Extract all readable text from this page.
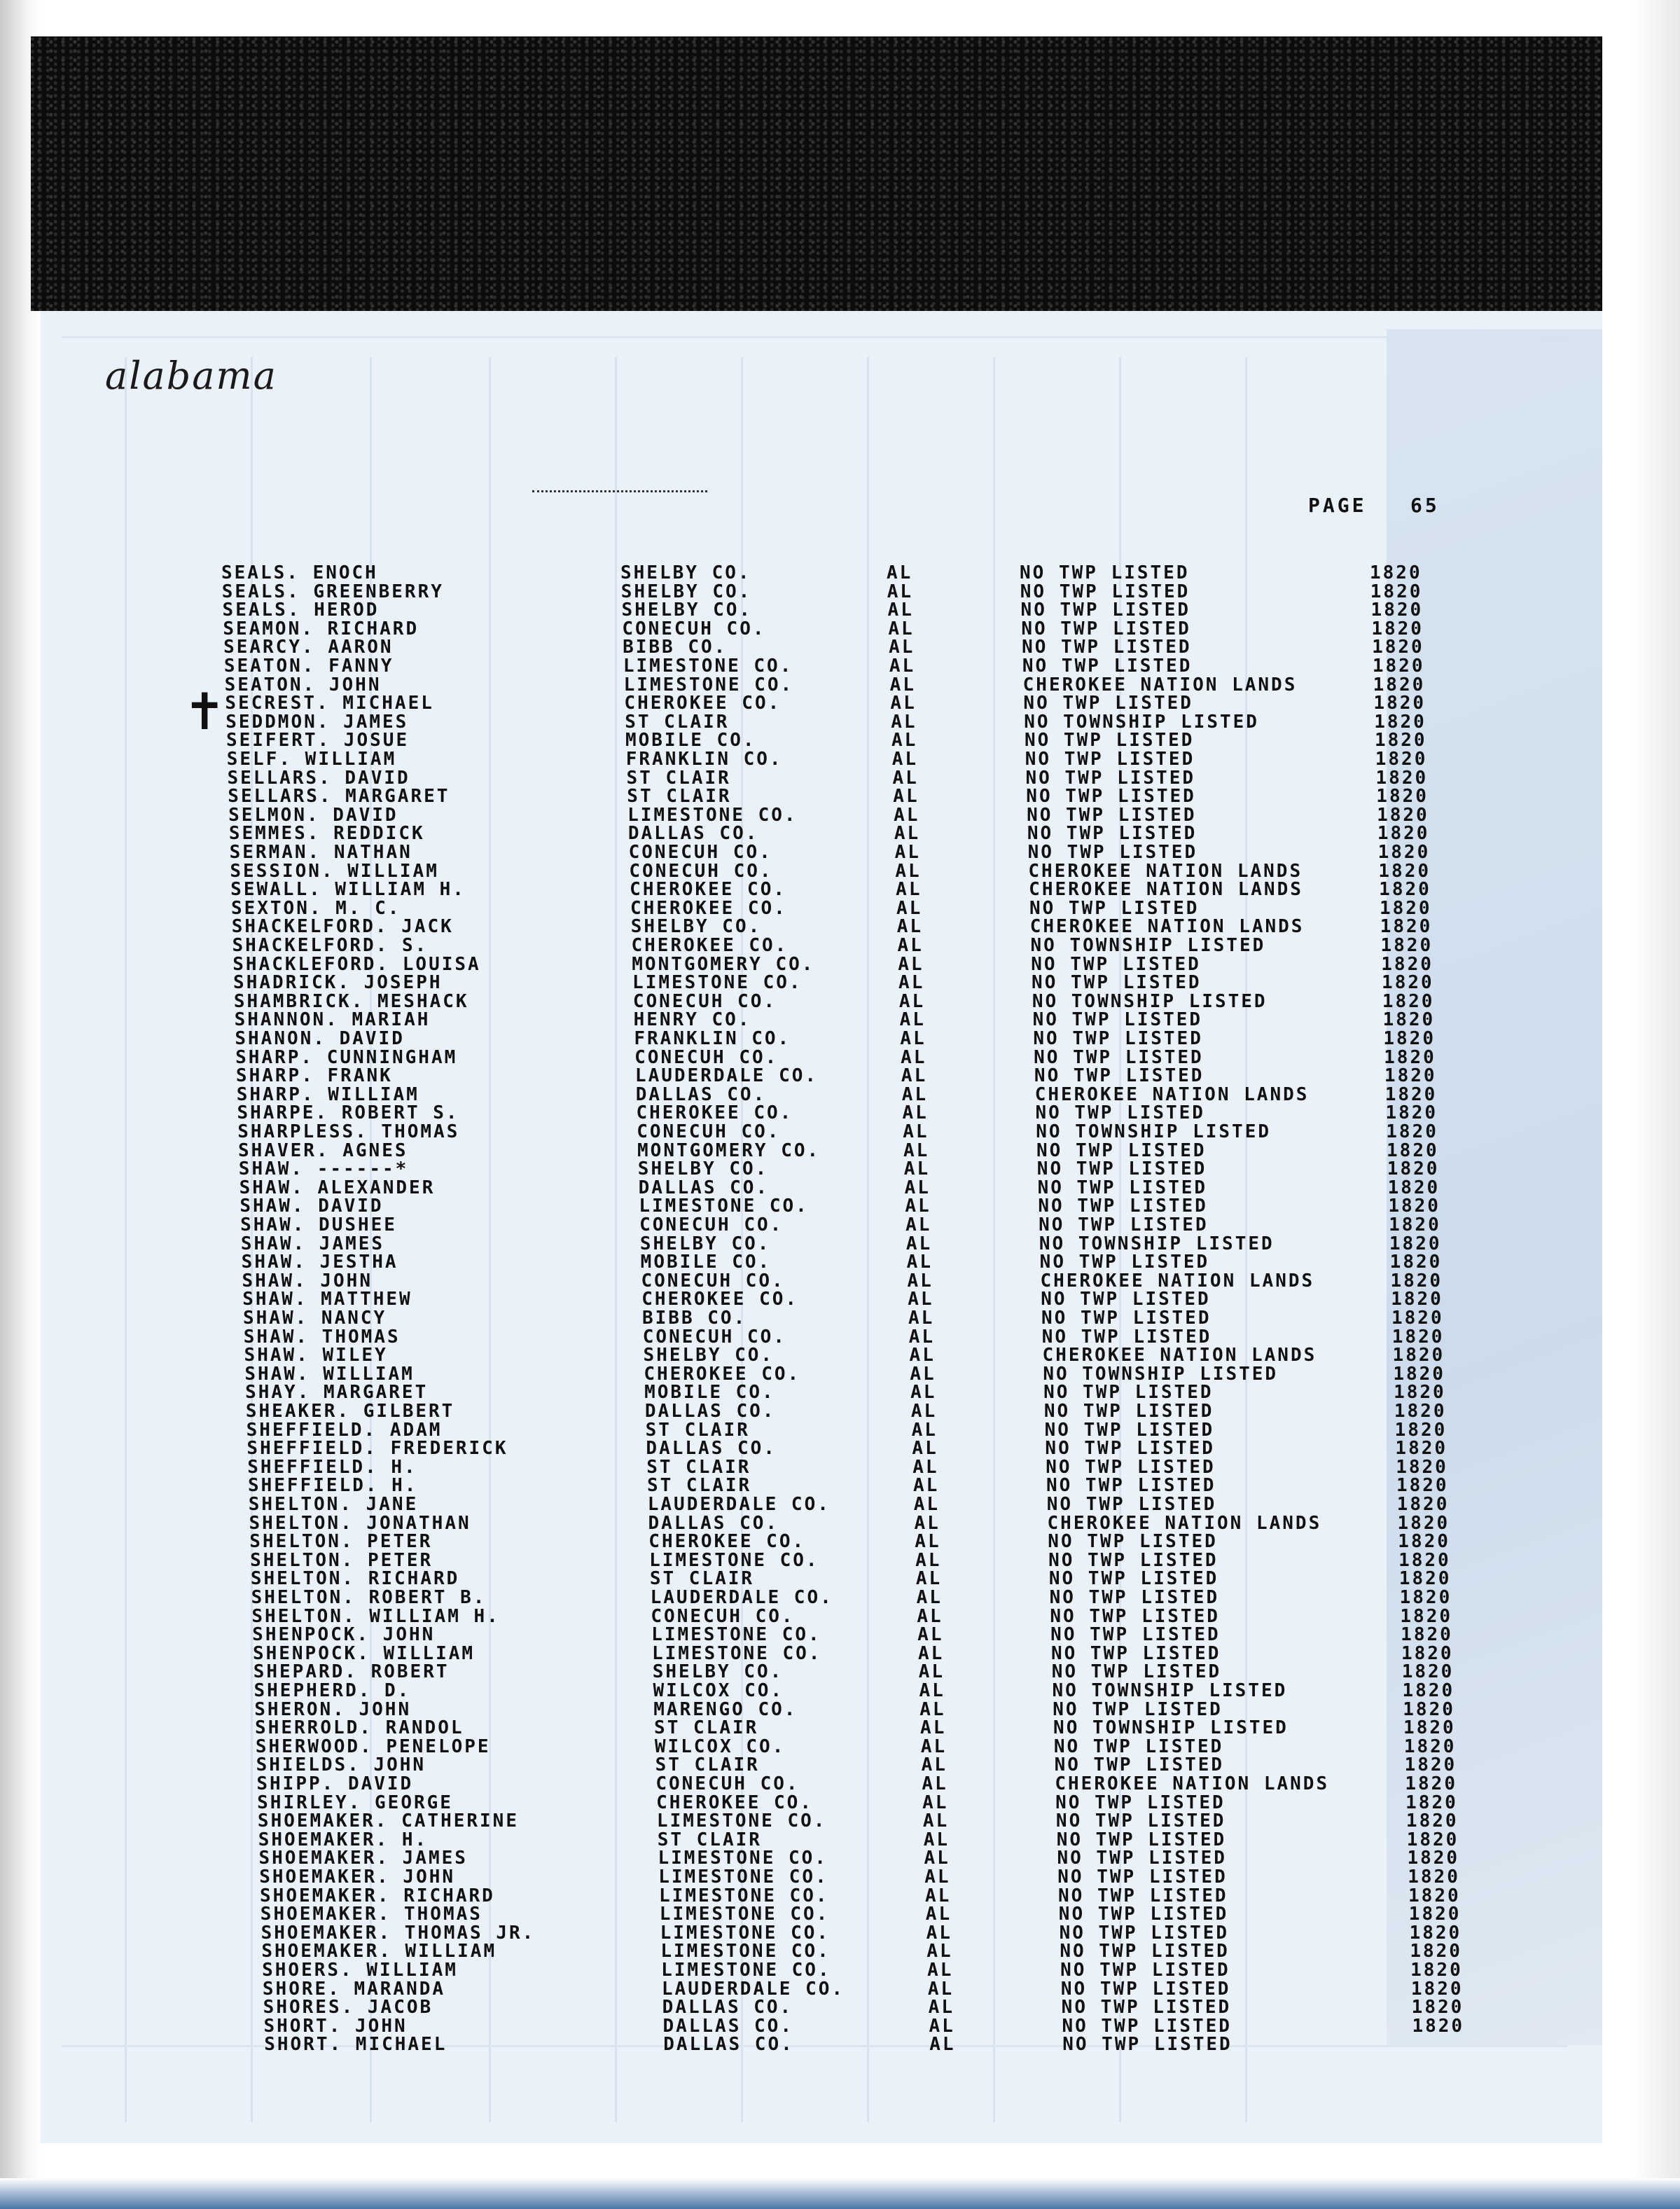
alabama
PAGE 65
✝
SEALS. ENOCH	SHELBY CO.	AL	NO TWP LISTED	1820
SEALS. GREENBERRY	SHELBY CO.	AL	NO TWP LISTED	1820
SEALS. HEROD	SHELBY CO.	AL	NO TWP LISTED	1820
SEAMON. RICHARD	CONECUH CO.	AL	NO TWP LISTED	1820
SEARCY. AARON	BIBB CO.	AL	NO TWP LISTED	1820
SEATON. FANNY	LIMESTONE CO.	AL	NO TWP LISTED	1820
SEATON. JOHN	LIMESTONE CO.	AL	CHEROKEE NATION LANDS	1820
SECREST. MICHAEL	CHEROKEE CO.	AL	NO TWP LISTED	1820
SEDDMON. JAMES	ST CLAIR	AL	NO TOWNSHIP LISTED	1820
SEIFERT. JOSUE	MOBILE CO.	AL	NO TWP LISTED	1820
SELF. WILLIAM	FRANKLIN CO.	AL	NO TWP LISTED	1820
SELLARS. DAVID	ST CLAIR	AL	NO TWP LISTED	1820
SELLARS. MARGARET	ST CLAIR	AL	NO TWP LISTED	1820
SELMON. DAVID	LIMESTONE CO.	AL	NO TWP LISTED	1820
SEMMES. REDDICK	DALLAS CO.	AL	NO TWP LISTED	1820
SERMAN. NATHAN	CONECUH CO.	AL	NO TWP LISTED	1820
SESSION. WILLIAM	CONECUH CO.	AL	CHEROKEE NATION LANDS	1820
SEWALL. WILLIAM H.	CHEROKEE CO.	AL	CHEROKEE NATION LANDS	1820
SEXTON. M. C.	CHEROKEE CO.	AL	NO TWP LISTED	1820
SHACKELFORD. JACK	SHELBY CO.	AL	CHEROKEE NATION LANDS	1820
SHACKELFORD. S.	CHEROKEE CO.	AL	NO TOWNSHIP LISTED	1820
SHACKLEFORD. LOUISA	MONTGOMERY CO.	AL	NO TWP LISTED	1820
SHADRICK. JOSEPH	LIMESTONE CO.	AL	NO TWP LISTED	1820
SHAMBRICK. MESHACK	CONECUH CO.	AL	NO TOWNSHIP LISTED	1820
SHANNON. MARIAH	HENRY CO.	AL	NO TWP LISTED	1820
SHANON. DAVID	FRANKLIN CO.	AL	NO TWP LISTED	1820
SHARP. CUNNINGHAM	CONECUH CO.	AL	NO TWP LISTED	1820
SHARP. FRANK	LAUDERDALE CO.	AL	NO TWP LISTED	1820
SHARP. WILLIAM	DALLAS CO.	AL	CHEROKEE NATION LANDS	1820
SHARPE. ROBERT S.	CHEROKEE CO.	AL	NO TWP LISTED	1820
SHARPLESS. THOMAS	CONECUH CO.	AL	NO TOWNSHIP LISTED	1820
SHAVER. AGNES	MONTGOMERY CO.	AL	NO TWP LISTED	1820
SHAW. ------*	SHELBY CO.	AL	NO TWP LISTED	1820
SHAW. ALEXANDER	DALLAS CO.	AL	NO TWP LISTED	1820
SHAW. DAVID	LIMESTONE CO.	AL	NO TWP LISTED	1820
SHAW. DUSHEE	CONECUH CO.	AL	NO TWP LISTED	1820
SHAW. JAMES	SHELBY CO.	AL	NO TOWNSHIP LISTED	1820
SHAW. JESTHA	MOBILE CO.	AL	NO TWP LISTED	1820
SHAW. JOHN	CONECUH CO.	AL	CHEROKEE NATION LANDS	1820
SHAW. MATTHEW	CHEROKEE CO.	AL	NO TWP LISTED	1820
SHAW. NANCY	BIBB CO.	AL	NO TWP LISTED	1820
SHAW. THOMAS	CONECUH CO.	AL	NO TWP LISTED	1820
SHAW. WILEY	SHELBY CO.	AL	CHEROKEE NATION LANDS	1820
SHAW. WILLIAM	CHEROKEE CO.	AL	NO TOWNSHIP LISTED	1820
SHAY. MARGARET	MOBILE CO.	AL	NO TWP LISTED	1820
SHEAKER. GILBERT	DALLAS CO.	AL	NO TWP LISTED	1820
SHEFFIELD. ADAM	ST CLAIR	AL	NO TWP LISTED	1820
SHEFFIELD. FREDERICK	DALLAS CO.	AL	NO TWP LISTED	1820
SHEFFIELD. H.	ST CLAIR	AL	NO TWP LISTED	1820
SHEFFIELD. H.	ST CLAIR	AL	NO TWP LISTED	1820
SHELTON. JANE	LAUDERDALE CO.	AL	NO TWP LISTED	1820
SHELTON. JONATHAN	DALLAS CO.	AL	CHEROKEE NATION LANDS	1820
SHELTON. PETER	CHEROKEE CO.	AL	NO TWP LISTED	1820
SHELTON. PETER	LIMESTONE CO.	AL	NO TWP LISTED	1820
SHELTON. RICHARD	ST CLAIR	AL	NO TWP LISTED	1820
SHELTON. ROBERT B.	LAUDERDALE CO.	AL	NO TWP LISTED	1820
SHELTON. WILLIAM H.	CONECUH CO.	AL	NO TWP LISTED	1820
SHENPOCK. JOHN	LIMESTONE CO.	AL	NO TWP LISTED	1820
SHENPOCK. WILLIAM	LIMESTONE CO.	AL	NO TWP LISTED	1820
SHEPARD. ROBERT	SHELBY CO.	AL	NO TWP LISTED	1820
SHEPHERD. D.	WILCOX CO.	AL	NO TOWNSHIP LISTED	1820
SHERON. JOHN	MARENGO CO.	AL	NO TWP LISTED	1820
SHERROLD. RANDOL	ST CLAIR	AL	NO TOWNSHIP LISTED	1820
SHERWOOD. PENELOPE	WILCOX CO.	AL	NO TWP LISTED	1820
SHIELDS. JOHN	ST CLAIR	AL	NO TWP LISTED	1820
SHIPP. DAVID	CONECUH CO.	AL	CHEROKEE NATION LANDS	1820
SHIRLEY. GEORGE	CHEROKEE CO.	AL	NO TWP LISTED	1820
SHOEMAKER. CATHERINE	LIMESTONE CO.	AL	NO TWP LISTED	1820
SHOEMAKER. H.	ST CLAIR	AL	NO TWP LISTED	1820
SHOEMAKER. JAMES	LIMESTONE CO.	AL	NO TWP LISTED	1820
SHOEMAKER. JOHN	LIMESTONE CO.	AL	NO TWP LISTED	1820
SHOEMAKER. RICHARD	LIMESTONE CO.	AL	NO TWP LISTED	1820
SHOEMAKER. THOMAS	LIMESTONE CO.	AL	NO TWP LISTED	1820
SHOEMAKER. THOMAS JR.	LIMESTONE CO.	AL	NO TWP LISTED	1820
SHOEMAKER. WILLIAM	LIMESTONE CO.	AL	NO TWP LISTED	1820
SHOERS. WILLIAM	LIMESTONE CO.	AL	NO TWP LISTED	1820
SHORE. MARANDA	LAUDERDALE CO.	AL	NO TWP LISTED	1820
SHORES. JACOB	DALLAS CO.	AL	NO TWP LISTED	1820
SHORT. JOHN	DALLAS CO.	AL	NO TWP LISTED	1820
SHORT. MICHAEL	DALLAS CO.	AL	NO TWP LISTED
